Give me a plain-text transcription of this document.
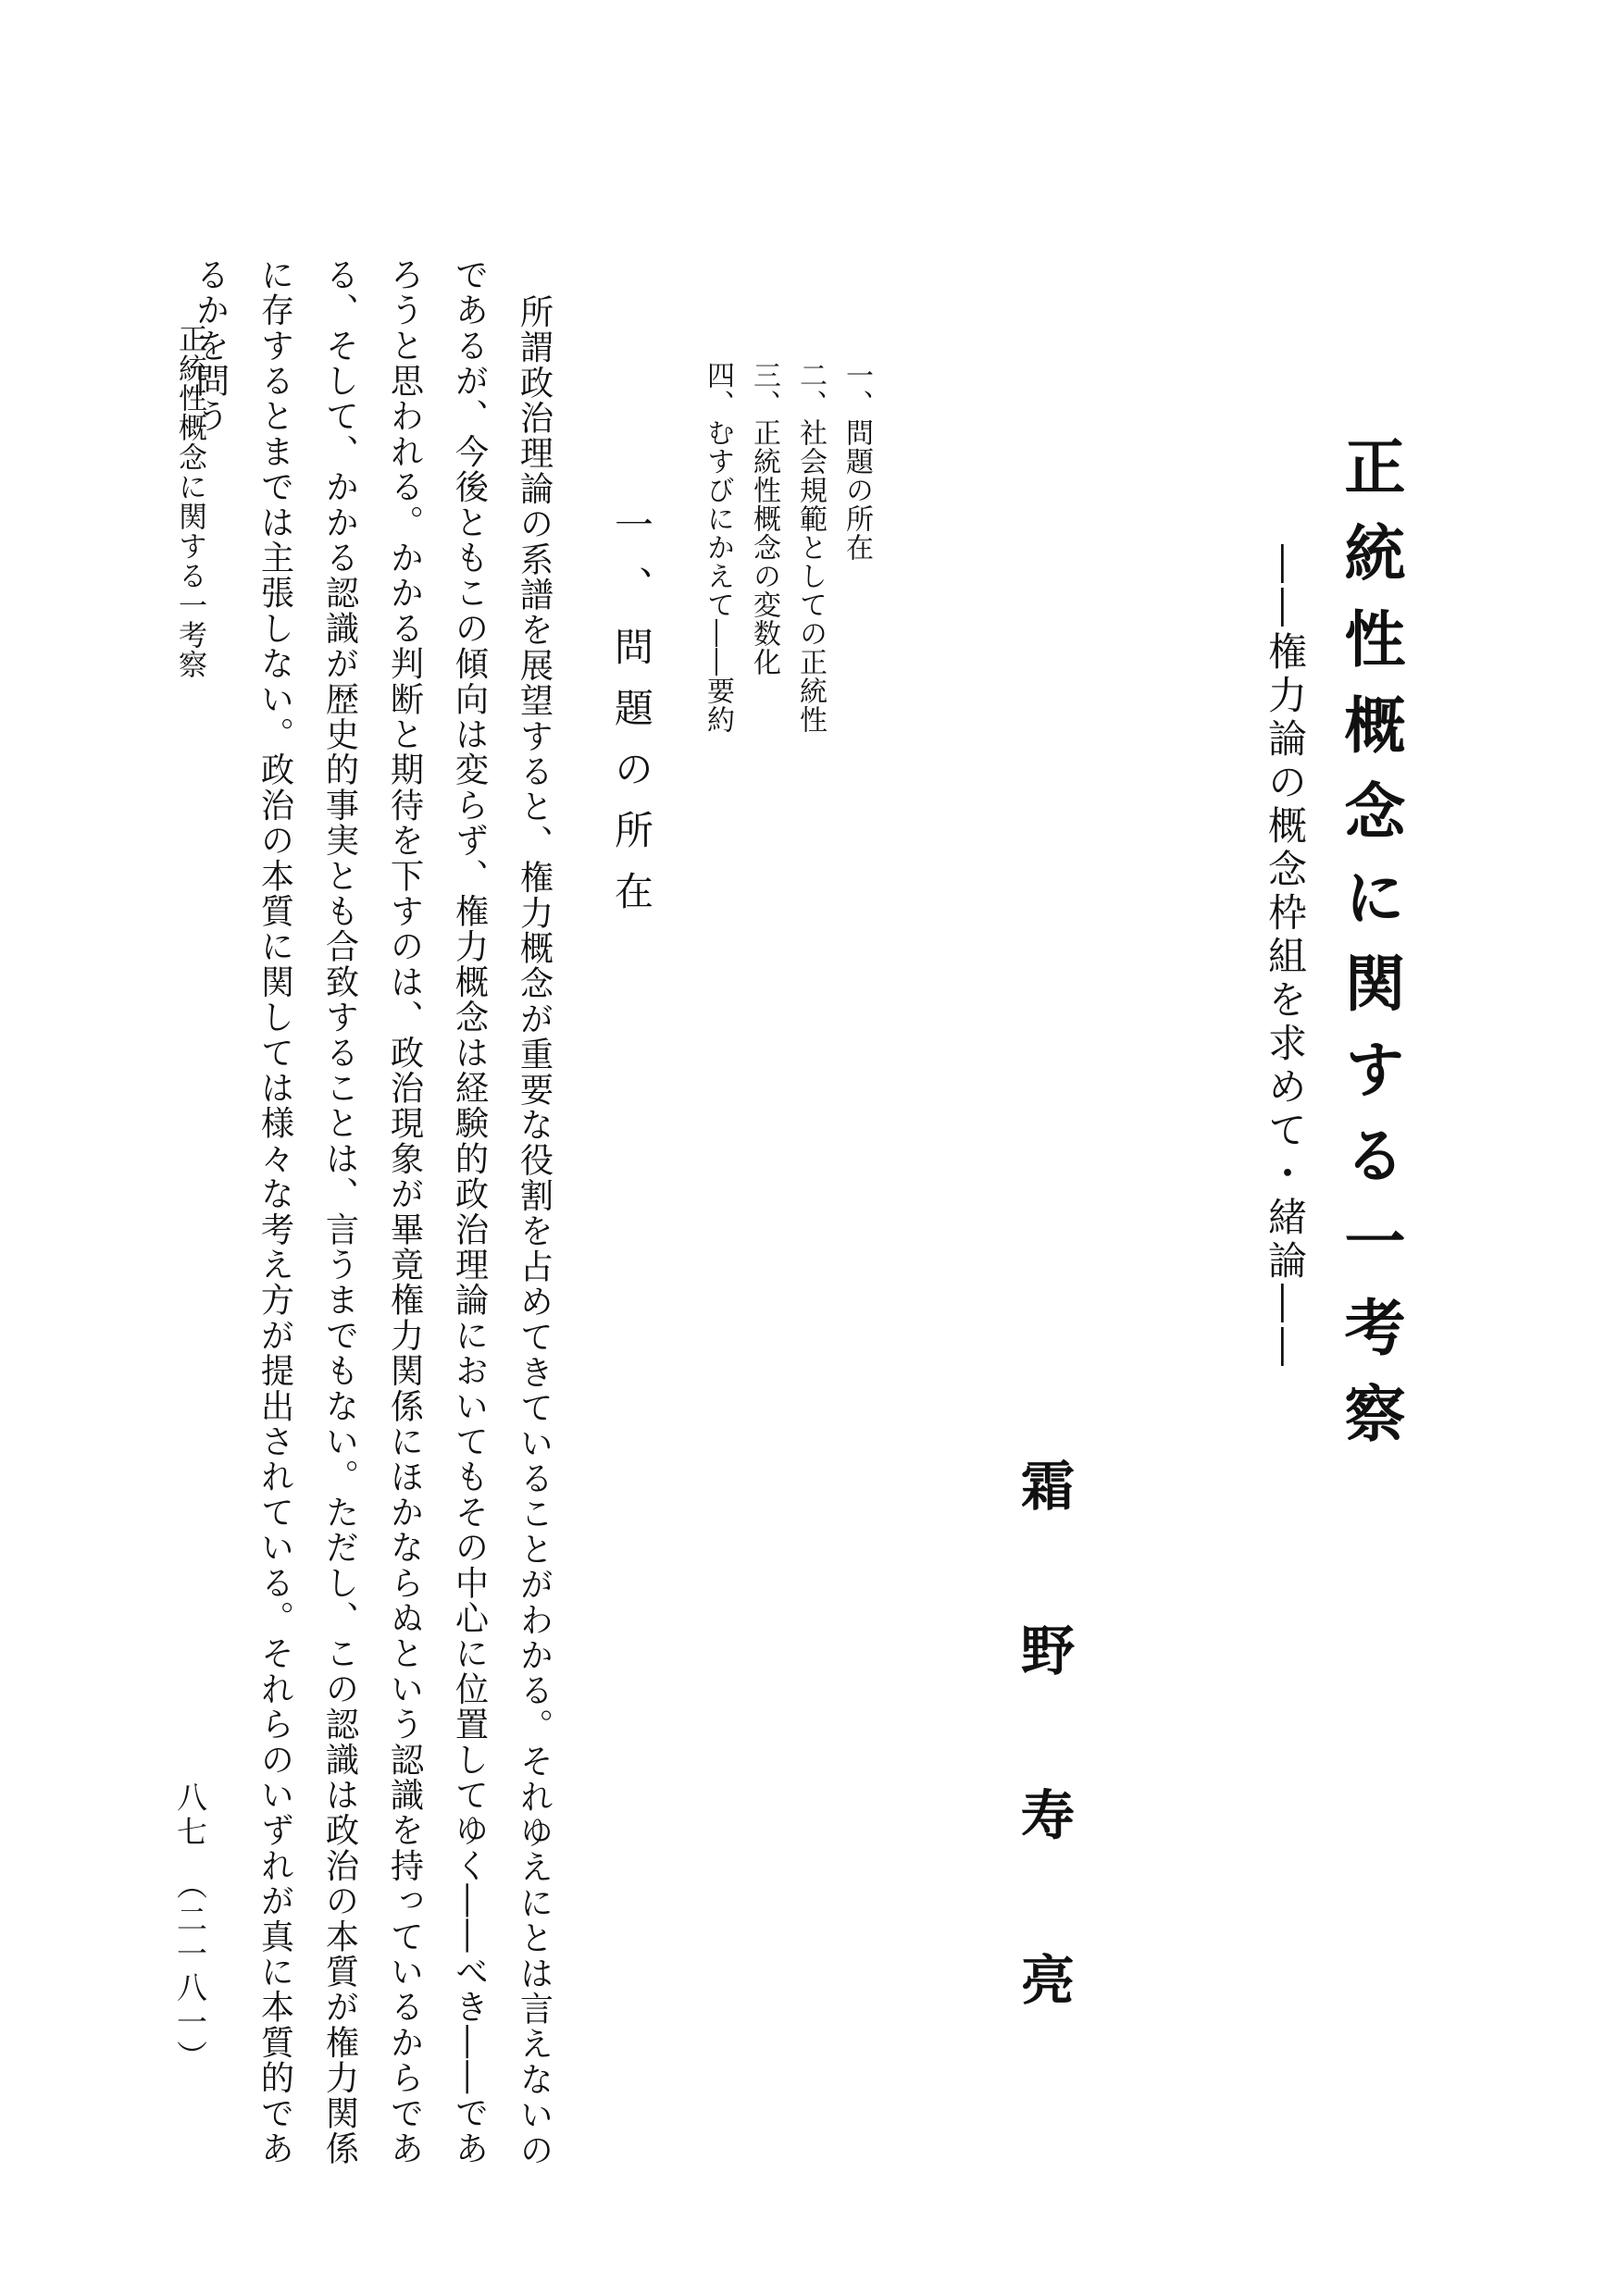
正統性概念に関する一考察
――権力論の概念枠組を求めて・緒論――
霜野寿亮
一、問題の所在
二、社会規範としての正統性
三、正統性概念の変数化
四、むすびにかえて――要約
一、問題の所在
所謂政治理論の系譜を展望すると、権力概念が重要な役割を占めてきていることがわかる。それゆえにとは言えないのであるが、今後ともこの傾向は変らず、権力概念は経験的政治理論においてもその中心に位置してゆく――べき――であろうと思われる。かかる判断と期待を下すのは、政治現象が畢竟権力関係にほかならぬという認識を持っているからである、そして、かかる認識が歴史的事実とも合致することは、言うまでもない。ただし、この認識は政治の本質が権力関係に存するとまでは主張しない。政治の本質に関しては様々な考え方が提出されている。それらのいずれが真に本質的であるかを問う
正統性概念に関する一考察
八七　（二一八一）
